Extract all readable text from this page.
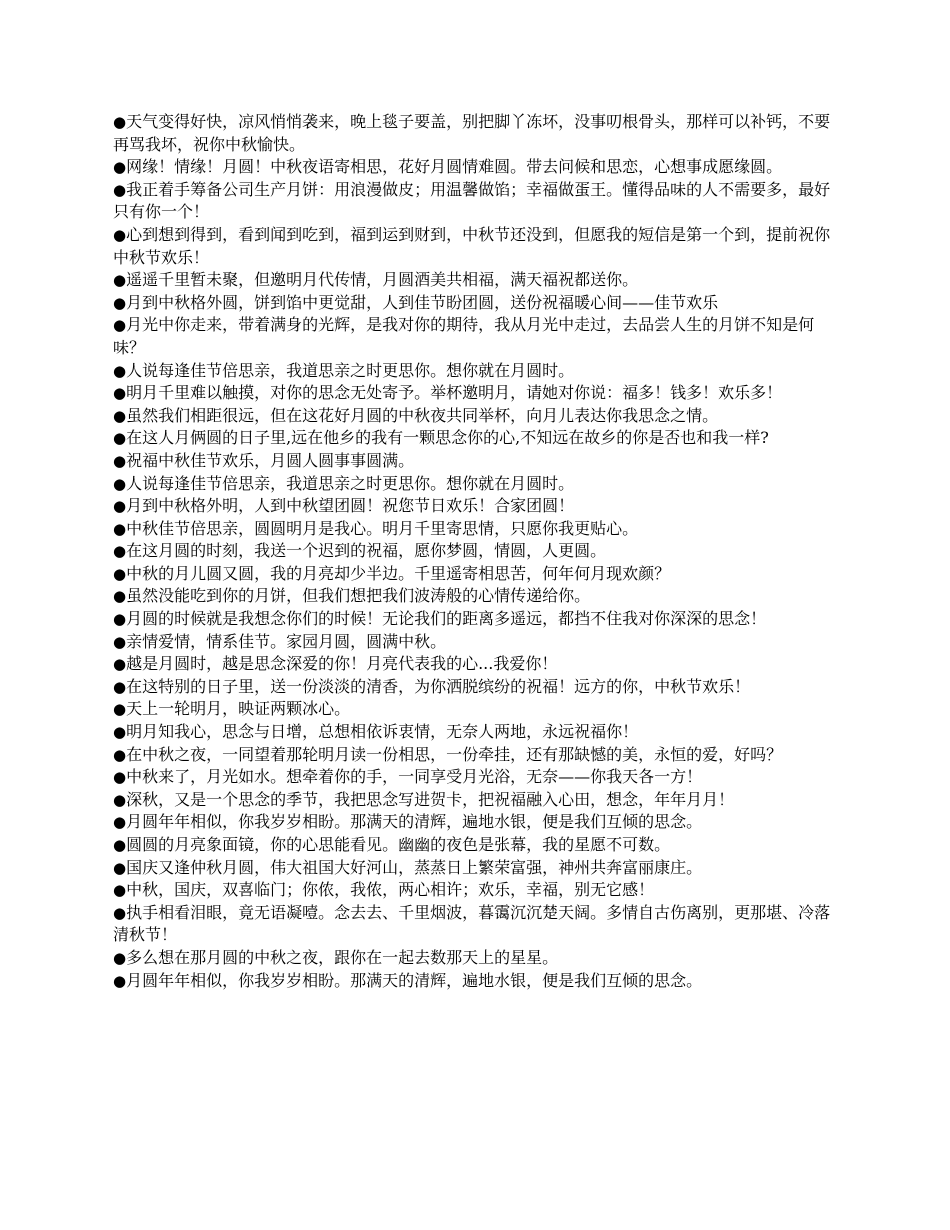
●天气变得好快，凉风悄悄袭来，晚上毯子要盖，别把脚丫冻坏，没事叨根骨头，那样可以补钙，不要再骂我坏，祝你中秋愉快。

●网缘！情缘！月圆！中秋夜语寄相思，花好月圆情难圆。带去问候和思恋，心想事成愿缘圆。

●我正着手筹备公司生产月饼：用浪漫做皮；用温馨做馅；幸福做蛋王。懂得品味的人不需要多，最好只有你一个！

●心到想到得到，看到闻到吃到，福到运到财到，中秋节还没到，但愿我的短信是第一个到，提前祝你中秋节欢乐！

●遥遥千里暂未聚，但邀明月代传情，月圆酒美共相福，满天福祝都送你。

●月到中秋格外圆，饼到馅中更觉甜，人到佳节盼团圆，送份祝福暖心间——佳节欢乐

●月光中你走来，带着满身的光辉，是我对你的期待，我从月光中走过，去品尝人生的月饼不知是何味？

●人说每逢佳节倍思亲，我道思亲之时更思你。想你就在月圆时。

●明月千里难以触摸，对你的思念无处寄予。举杯邀明月，请她对你说：福多！钱多！欢乐多！

●虽然我们相距很远，但在这花好月圆的中秋夜共同举杯，向月儿表达你我思念之情。

●在这人月俩圆的日子里,远在他乡的我有一颗思念你的心,不知远在故乡的你是否也和我一样?

●祝福中秋佳节欢乐，月圆人圆事事圆满。

●人说每逢佳节倍思亲，我道思亲之时更思你。想你就在月圆时。

●月到中秋格外明，人到中秋望团圆！祝您节日欢乐！合家团圆！

●中秋佳节倍思亲，圆圆明月是我心。明月千里寄思情，只愿你我更贴心。

●在这月圆的时刻，我送一个迟到的祝福，愿你梦圆，情圆，人更圆。

●中秋的月儿圆又圆，我的月亮却少半边。千里遥寄相思苦，何年何月现欢颜？

●虽然没能吃到你的月饼，但我们想把我们波涛般的心情传递给你。

●月圆的时候就是我想念你们的时候！无论我们的距离多遥远，都挡不住我对你深深的思念！

●亲情爱情，情系佳节。家园月圆，圆满中秋。

●越是月圆时，越是思念深爱的你！月亮代表我的心...我爱你！

●在这特别的日子里，送一份淡淡的清香，为你洒脱缤纷的祝福！远方的你，中秋节欢乐！

●天上一轮明月，映证两颗冰心。

●明月知我心，思念与日增，总想相依诉衷情，无奈人两地，永远祝福你！

●在中秋之夜，一同望着那轮明月读一份相思，一份牵挂，还有那缺憾的美，永恒的爱，好吗？

●中秋来了，月光如水。想牵着你的手，一同享受月光浴，无奈——你我天各一方！

●深秋，又是一个思念的季节，我把思念写进贺卡，把祝福融入心田，想念，年年月月！

●月圆年年相似，你我岁岁相盼。那满天的清辉，遍地水银，便是我们互倾的思念。

●圆圆的月亮象面镜，你的心思能看见。幽幽的夜色是张幕，我的星愿不可数。

●国庆又逢仲秋月圆，伟大祖国大好河山，蒸蒸日上繁荣富强，神州共奔富丽康庄。

●中秋，国庆，双喜临门；你侬，我侬，两心相许；欢乐，幸福，别无它感！

●执手相看泪眼，竟无语凝噎。念去去、千里烟波，暮霭沉沉楚天阔。多情自古伤离别，更那堪、冷落清秋节！

●多么想在那月圆的中秋之夜，跟你在一起去数那天上的星星。

●月圆年年相似，你我岁岁相盼。那满天的清辉，遍地水银，便是我们互倾的思念。
